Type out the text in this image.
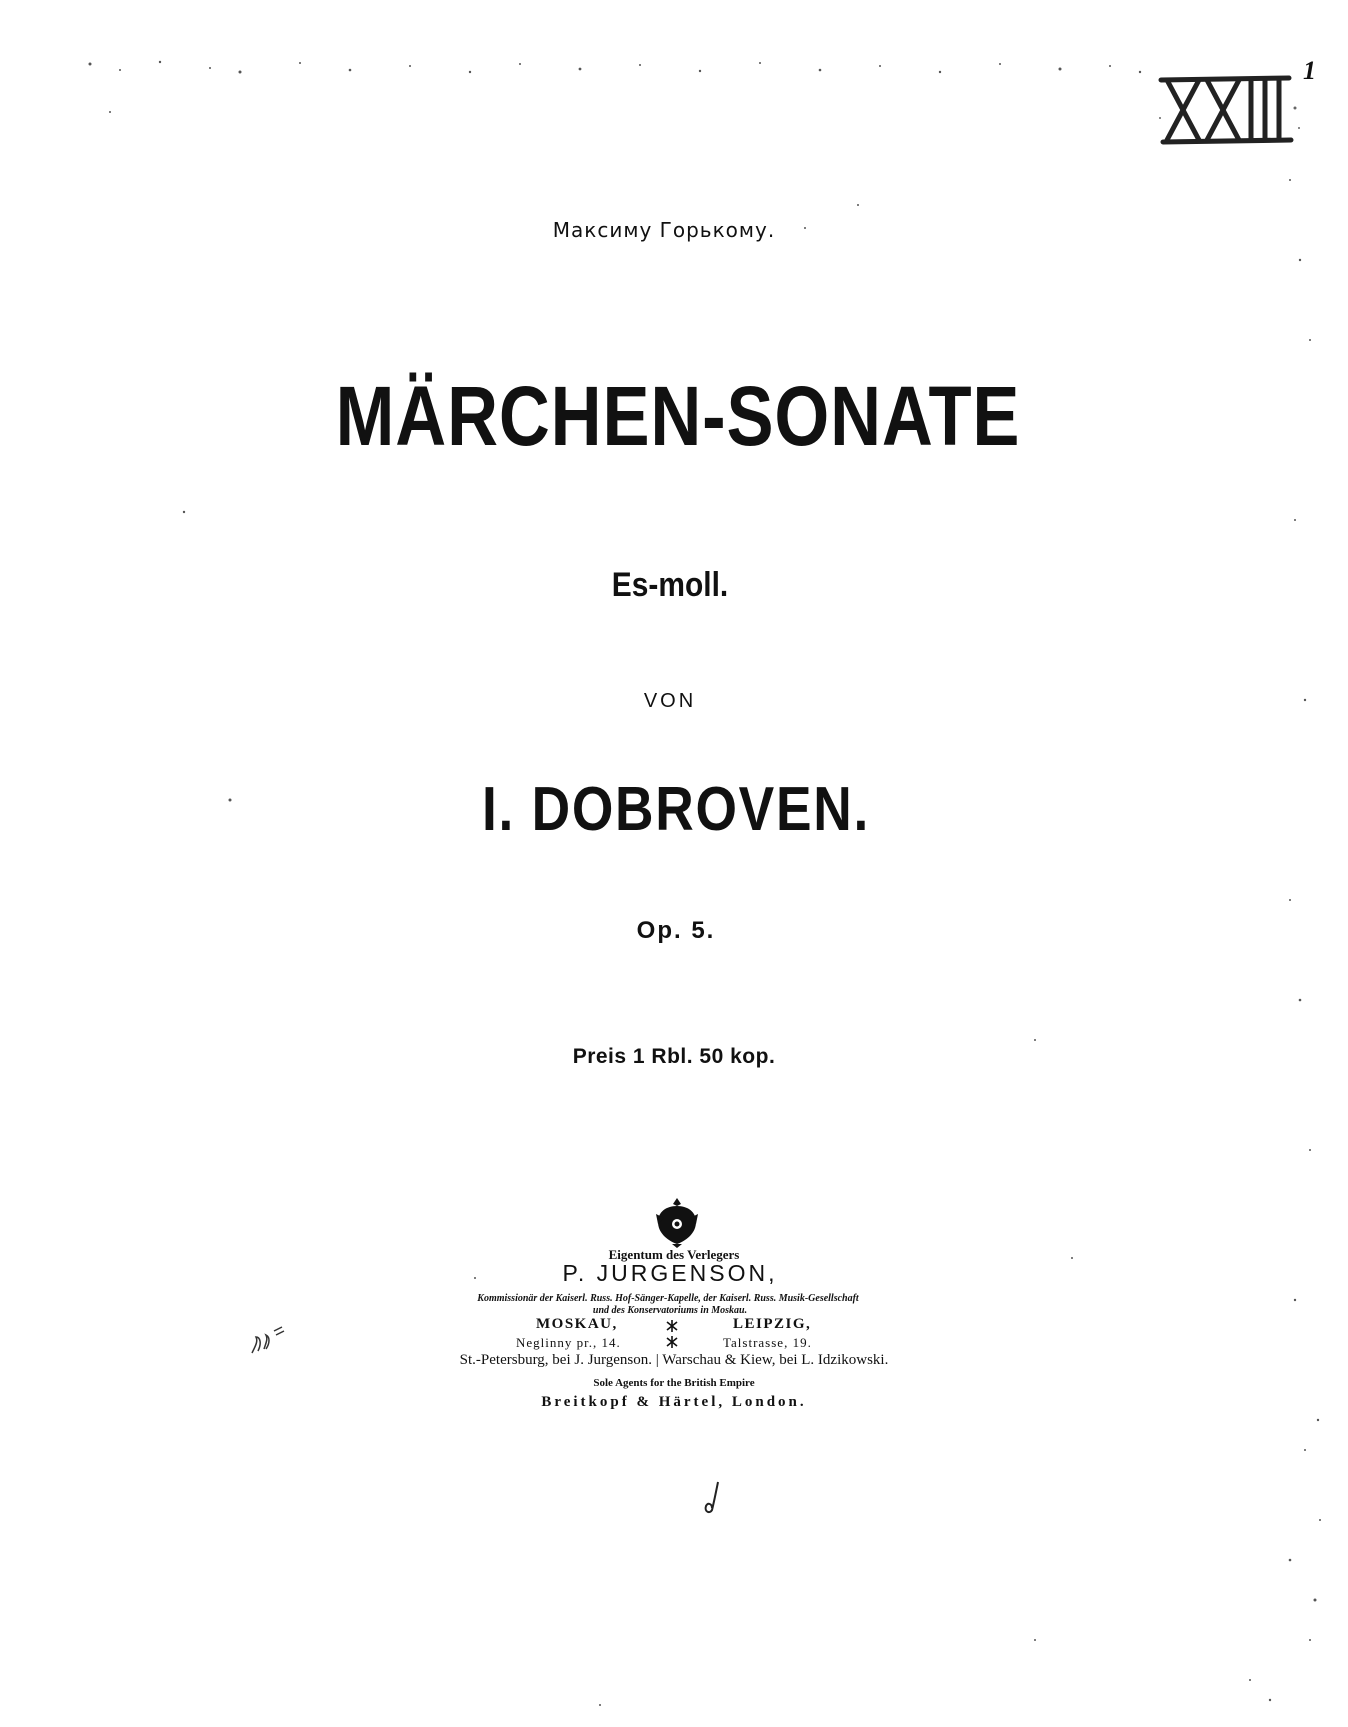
1
Максиму Горькому.
MÄRCHEN-SONATE
Es-moll.
VON
I. DOBROVEN.
Op. 5.
Preis 1 Rbl. 50 kop.
Eigentum des Verlegers
P. JURGENSON,
Kommissionär der Kaiserl. Russ. Hof-Sänger-Kapelle, der Kaiserl. Russ. Musik-Gesellschaft
und des Konservatoriums in Moskau.
MOSKAU,	LEIPZIG,
Neglinny pr., 14.	Talstrasse, 19.
St.-Petersburg, bei J. Jurgenson. | Warschau & Kiew, bei L. Idzikowski.
Sole Agents for the British Empire
Breitkopf & Härtel, London.
